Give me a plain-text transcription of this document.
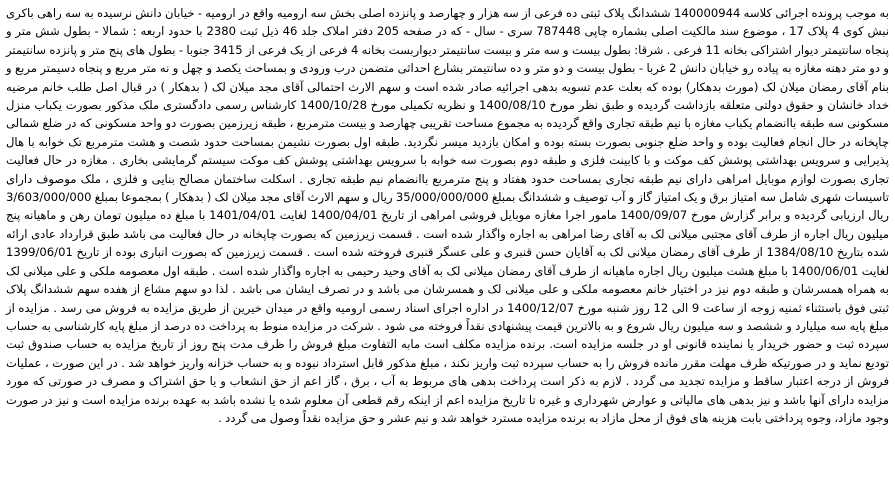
به موجب پرونده اجرائی کلاسه 140000944 ششدانگ پلاک ثبتی ده فرعی از سه هزار و چهارصد و پانزده اصلی بخش سه ارومیه واقع در ارومیه - خیابان دانش نرسیده به سه راهی باکری نبش کوی 4 پلاک 17 ، موضوع سند مالکیت اصلی بشماره چاپی 787448 سری - سال - که در صفحه 205 دفتر املاک جلد 46 ذیل ثبت 2380 با حدود اربعه : شمالا - بطول شش متر و پنجاه سانتیمتر دیوار اشتراکی بخانه 11 فرعی . شرقا: بطول بیست و سه متر و بیست سانتیمتر دیواربست بخانه 4 فرعی از یک فرعی از 3415 جنوبا - بطول های پنج متر و پانزده سانتیمتر و دو متر دهنه مغازه به پیاده رو خیابان دانش 2 غربا - بطول بیست و دو متر و ده سانتیمتر بشارع احداثی متضمن درب ورودی و بمساحت یکصد و چهل و نه متر مربع و پنجاه دسیمتر مربع و بنام آقای رمضان میلان لک (مورث بدهکار) بوده که بعلت عدم تسویه بدهی اجرائیه صادر شده است و سهم الارث احتمالی آقای مجد میلان لک ( بدهکار ) در قبال اصل طلب خانم مرضیه خداد خانشان و حقوق دولتی متعلقه بازداشت گردیده و طبق نظر مورخ 1400/08/10 و نظریه تکمیلی مورخ 1400/10/28 کارشناس رسمی دادگستری ملک مذکور بصورت یکباب منزل مسکونی سه طبقه باانضمام یکباب مغازه با نیم طبقه تجاری واقع گردیده به مجموع مساحت تقریبی چهارصد و بیست مترمربع ، طبقه زیرزمین بصورت دو واحد مسکونی که در ضلع شمالی چاپخانه در حال انجام فعالیت بوده و واحد ضلع جنوبی بصورت بسته بوده و امکان بازدید میسر نگردید. طبقه اول بصورت نشیمن بمساحت حدود شصت و هشت مترمربع تک خوابه با هال پذیرایی و سرویس بهداشتی پوشش کف موکت و با کابینت فلزی و طبقه دوم بصورت سه خوابه با سرویس بهداشتی پوشش کف موکت سیستم گرمایشی بخاری . مغازه در حال فعالیت تجاری بصورت لوازم موبایل امراهی دارای نیم طبقه تجاری بمساحت حدود هفتاد و پنج مترمربع باانضمام نیم طبقه تجاری . اسکلت ساختمان مصالح بنایی و فلزی ، ملک موصوف دارای تاسیسات شهری شامل سه امتیاز برق و یک امتیاز گاز و آب توصیف و ششدانگ بمبلغ 35/000/000/000 ریال و سهم الارث آقای مجد میلان لک ( بدهکار ) بمجموعا بمبلغ 3/603/000/000 ریال ارزیابی گردیده و برابر گزارش مورخ 1400/09/07 مامور اجرا مغازه موبایل فروشی امراهی از تاریخ 1400/04/01 لغایت 1401/04/01 با مبلغ ده میلیون تومان رهن و ماهیانه پنج میلیون ریال اجاره از طرف آقای مجتبی میلانی لک به آقای رضا امراهی به اجاره واگذار شده است . قسمت زیرزمین که بصورت چاپخانه در حال فعالیت می باشد طبق قرارداد عادی ارائه شده بتاریخ 1384/08/10 از طرف آقای رمضان میلانی لک به آقایان حسن قنبری و علی عسگر قنبری فروخته شده است . قسمت زیرزمین که بصورت انباری بوده از تاریخ 1399/06/01 لغایت 1400/06/01 با مبلغ هشت میلیون ریال اجاره ماهیانه از طرف آقای رمضان میلانی لک به آقای وحید رحیمی به اجاره واگذار شده است . طبقه اول معصومه ملکی و علی میلانی لک به همراه همسرشان و طبقه دوم نیز در اختیار خانم معصومه ملکی و علی میلانی لک و همسرشان می باشد و در تصرف ایشان می باشد . لذا دو سهم مشاع از هفده سهم ششدانگ پلاک ثبتی فوق باستثناء ثمنیه زوجه از ساعت 9 الی 12 روز شنبه مورخ 1400/12/07 در اداره اجرای اسناد رسمی ارومیه واقع در میدان خیرین از طریق مزایده به فروش می رسد . مزایده از مبلغ پایه سه میلیارد و ششصد و سه میلیون ریال شروع و به بالاترین قیمت پیشنهادی نقداً فروخته می شود . شرکت در مزایده منوط به پرداخت ده درصد از مبلغ پایه کارشناسی به حساب سپرده ثبت و حضور خریدار یا نماینده قانونی او در جلسه مزایده است. برنده مزایده مکلف است مابه التفاوت مبلغ فروش را ظرف مدت پنج روز از تاریخ مزایده به حساب صندوق ثبت تودیع نماید و در صورتیکه ظرف مهلت مقرر مانده فروش را به حساب سپرده ثبت واریز نکند ، مبلغ مذکور قابل استرداد نبوده و به حساب خزانه واریز خواهد شد . در این صورت ، عملیات فروش از درجه اعتبار ساقط و مزایده تجدید می گردد . لازم به ذکر است پرداخت بدهی های مربوط به آب ، برق ، گاز اعم از حق انشعاب و یا حق اشتراک و مصرف در صورتی که مورد مزایده دارای آنها باشد و نیز بدهی های مالیاتی و عوارض شهرداری و غیره تا تاریخ مزایده اعم از اینکه رقم قطعی آن معلوم شده یا نشده باشد به عهده برنده مزایده است و نیز در صورت وجود مازاد، وجوه پرداختی بابت هزینه های فوق از محل مازاد به برنده مزایده مسترد خواهد شد و نیم عشر و حق مزایده نقداً وصول می گردد .
